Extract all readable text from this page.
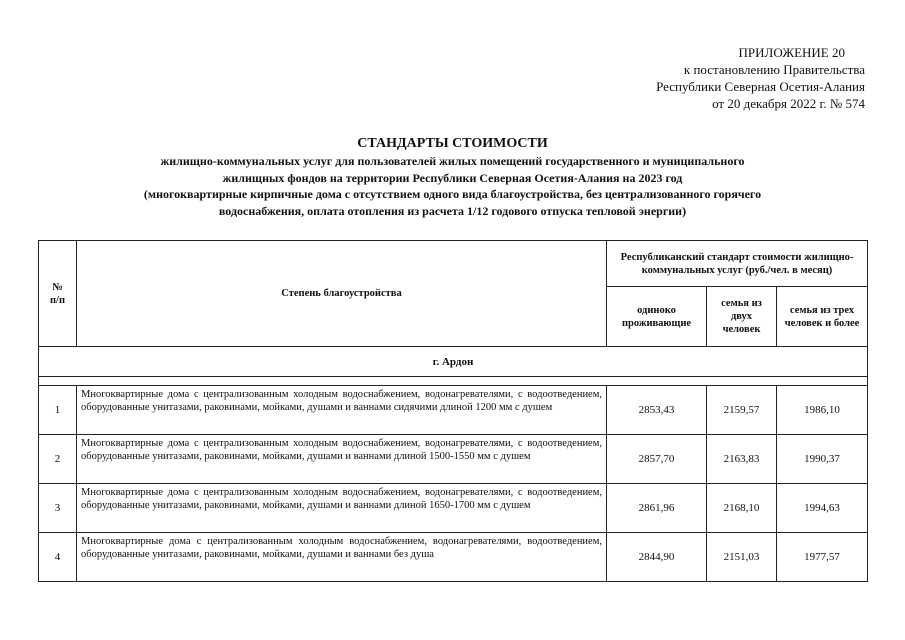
ПРИЛОЖЕНИЕ 20
к постановлению Правительства
Республики Северная Осетия-Алания
от 20 декабря 2022 г. № 574
СТАНДАРТЫ СТОИМОСТИ
жилищно-коммунальных услуг для пользователей жилых помещений государственного и муниципального
жилищных фондов на территории Республики Северная Осетия-Алания на 2023 год
(многоквартирные кирпичные дома с отсутствием одного вида благоустройства, без централизованного горячего
водоснабжения, оплата отопления из расчета 1/12 годового отпуска тепловой энергии)
№
п/п	Степень благоустройства	Республиканский стандарт стоимости жилищно-коммунальных услуг (руб./чел. в месяц)		
		одиноко проживающие	семья из двух человек	семья из трех человек и более
г. Ардон				

1	Многоквартирные дома с централизованным холодным водоснабжением, водонагревателями, с водоотведением, оборудованные унитазами, раковинами, мойками, душами и ваннами сидячими длиной 1200 мм с душем	2853,43	2159,57	1986,10
2	Многоквартирные дома с централизованным холодным водоснабжением, водонагревателями, с водоотведением, оборудованные унитазами, раковинами, мойками, душами и ваннами длиной 1500-1550 мм с душем	2857,70	2163,83	1990,37
3	Многоквартирные дома с централизованным холодным водоснабжением, водонагревателями, с водоотведением, оборудованные унитазами, раковинами, мойками, душами и ваннами длиной 1650-1700 мм с душем	2861,96	2168,10	1994,63
4	Многоквартирные дома с централизованным холодным водоснабжением, водонагревателями, водоотведением, оборудованные унитазами, раковинами, мойками, душами и ваннами без душа	2844,90	2151,03	1977,57
